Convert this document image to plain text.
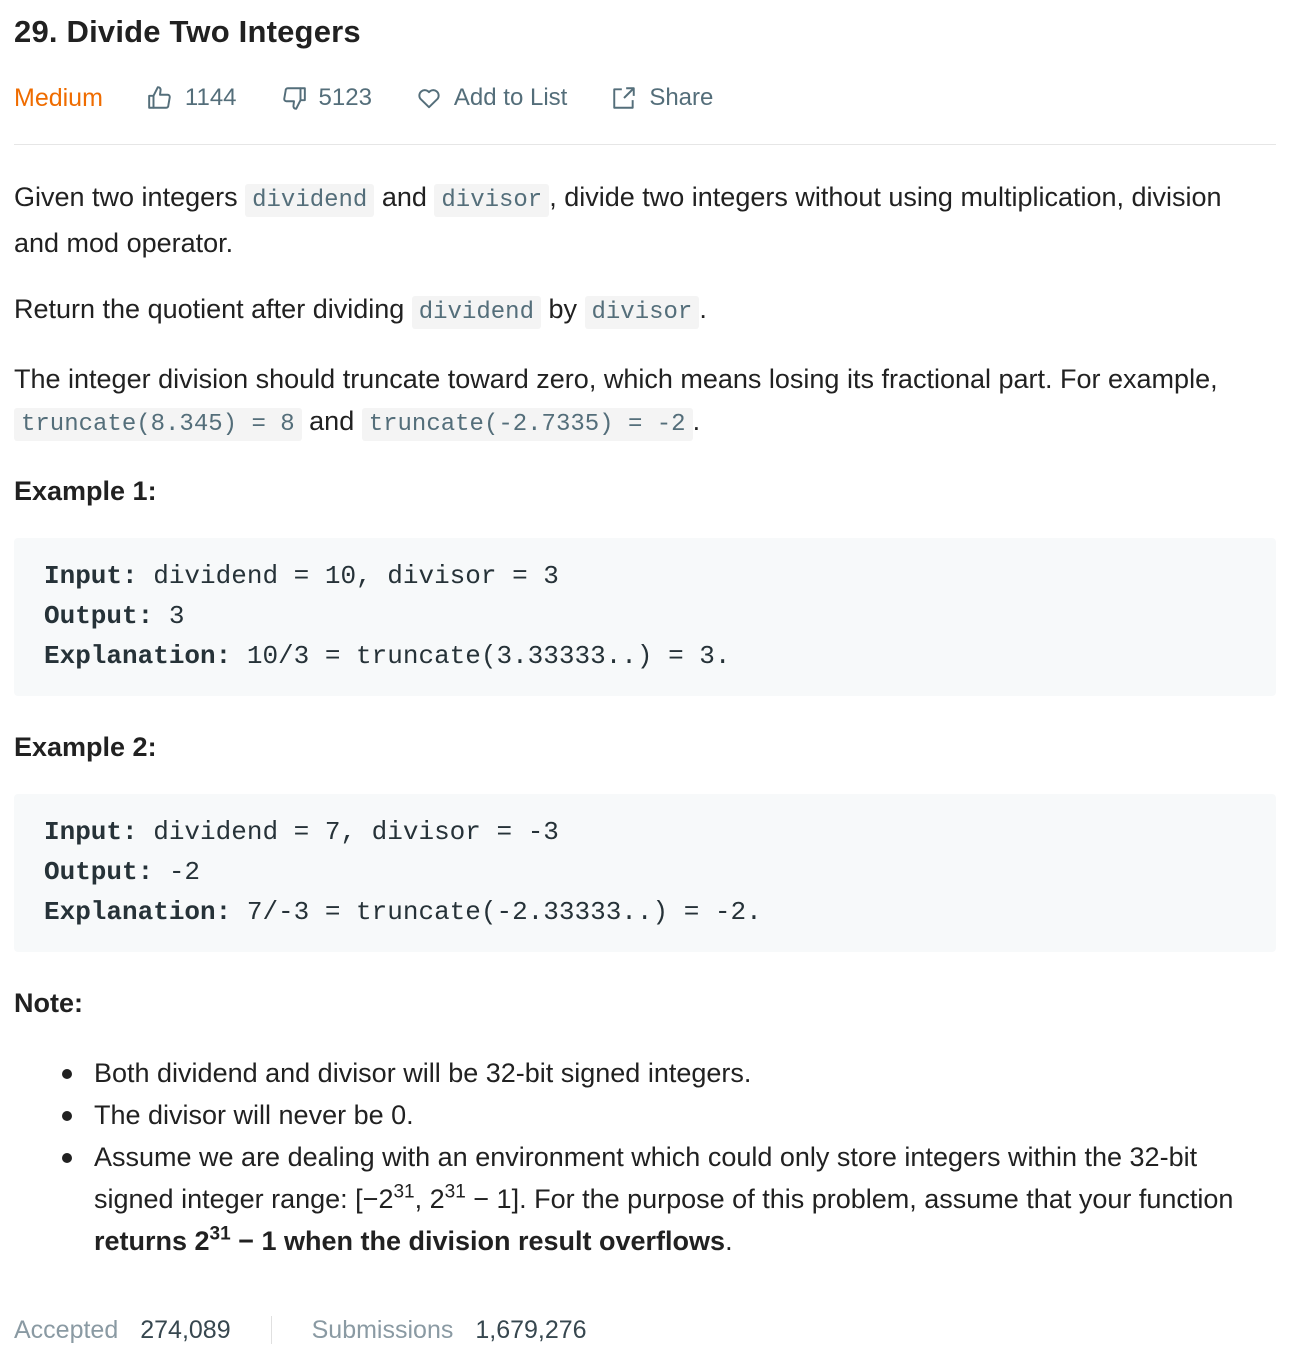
29. Divide Two Integers
Medium	1144	5123	Add to List	Share

Given two integers dividend and divisor , divide two integers without using multiplication, division and mod operator.

Return the quotient after dividing dividend by divisor .

The integer division should truncate toward zero, which means losing its fractional part. For example, truncate(8.345) = 8 and truncate(-2.7335) = -2 .

Example 1:
Input: dividend = 10, divisor = 3
Output: 3
Explanation: 10/3 = truncate(3.33333..) = 3.
Example 2:
Input: dividend = 7, divisor = -3
Output: -2
Explanation: 7/-3 = truncate(-2.33333..) = -2.
Note:
Both dividend and divisor will be 32-bit signed integers.
The divisor will never be 0.
Assume we are dealing with an environment which could only store integers within the 32-bit signed integer range: [$-2^{31}$, $2^{31} - 1$]. For the purpose of this problem, assume that your function returns $2^{31} - 1$ when the division result overflows.
Accepted 274,089	Submissions 1,679,276
